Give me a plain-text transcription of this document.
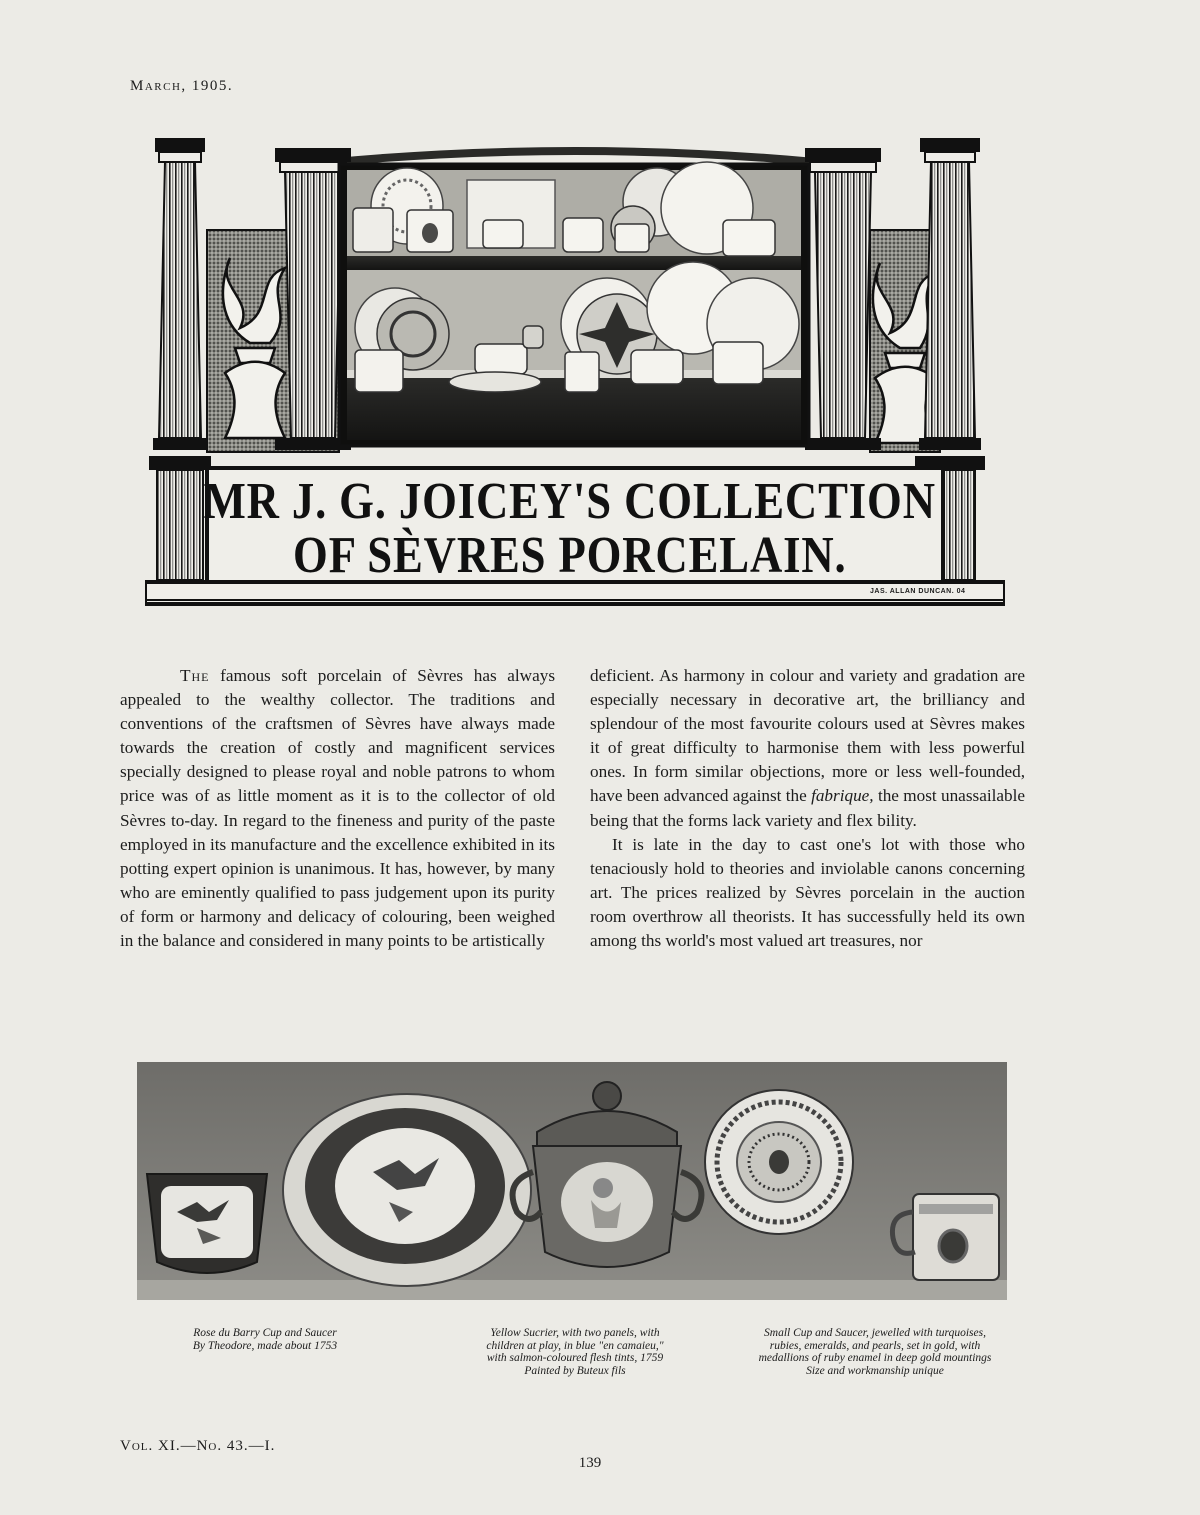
March, 1905.
MR J. G. JOICEY'S COLLECTION
OF SÈVRES PORCELAIN.
JAS. ALLAN DUNCAN. 04

The famous soft porcelain of Sèvres has always appealed to the wealthy collector. The traditions and conventions of the craftsmen of Sèvres have always made towards the creation of costly and magnificent services specially designed to please royal and noble patrons to whom price was of as little moment as it is to the collector of old Sèvres to-day. In regard to the fineness and purity of the paste employed in its manufacture and the excellence exhibited in its potting expert opinion is unanimous. It has, however, by many who are eminently qualified to pass judgement upon its purity of form or harmony and delicacy of colouring, been weighed in the balance and considered in many points to be artistically

deficient. As harmony in colour and variety and gradation are especially necessary in decorative art, the brilliancy and splendour of the most favourite colours used at Sèvres makes it of great difficulty to harmonise them with less powerful ones. In form similar objections, more or less well-founded, have been advanced against the fabrique, the most unassailable being that the forms lack variety and flex bility.

It is late in the day to cast one's lot with those who tenaciously hold to theories and inviolable canons concerning art. The prices realized by Sèvres porcelain in the auction room overthrow all theorists. It has successfully held its own among ths world's most valued art treasures, nor

Rose du Barry Cup and Saucer
By Theodore, made about 1753
Yellow Sucrier, with two panels, with
children at play, in blue "en camaieu,"
with salmon-coloured flesh tints, 1759
Painted by Buteux fils
Small Cup and Saucer, jewelled with turquoises,
rubies, emeralds, and pearls, set in gold, with
medallions of ruby enamel in deep gold mountings
Size and workmanship unique
Vol. XI.—No. 43.—I.
139
